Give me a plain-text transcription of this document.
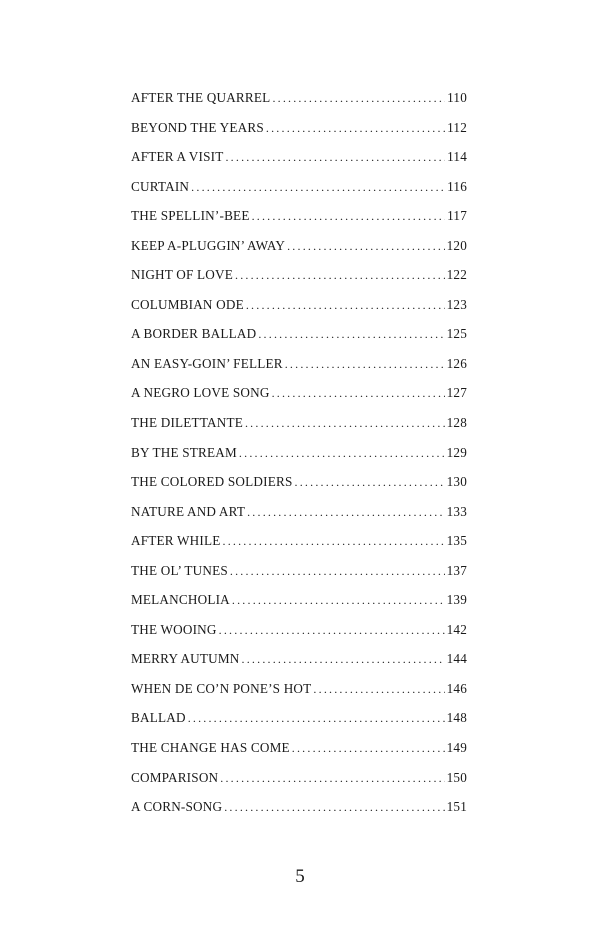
AFTER THE QUARREL .....	110
BEYOND THE YEARS .....	112
AFTER A VISIT .....	114
CURTAIN .....	116
THE SPELLIN’-BEE .....	117
KEEP A-PLUGGIN’ AWAY .....	120
NIGHT OF LOVE .....	122
COLUMBIAN ODE .....	123
A BORDER BALLAD .....	125
AN EASY-GOIN’ FELLER .....	126
A NEGRO LOVE SONG .....	127
THE DILETTANTE .....	128
BY THE STREAM .....	129
THE COLORED SOLDIERS .....	130
NATURE AND ART .....	133
AFTER WHILE .....	135
THE OL’ TUNES .....	137
MELANCHOLIA .....	139
THE WOOING .....	142
MERRY AUTUMN .....	144
WHEN DE CO’N PONE’S HOT .....	146
BALLAD .....	148
THE CHANGE HAS COME .....	149
COMPARISON .....	150
A CORN-SONG .....	151
5
